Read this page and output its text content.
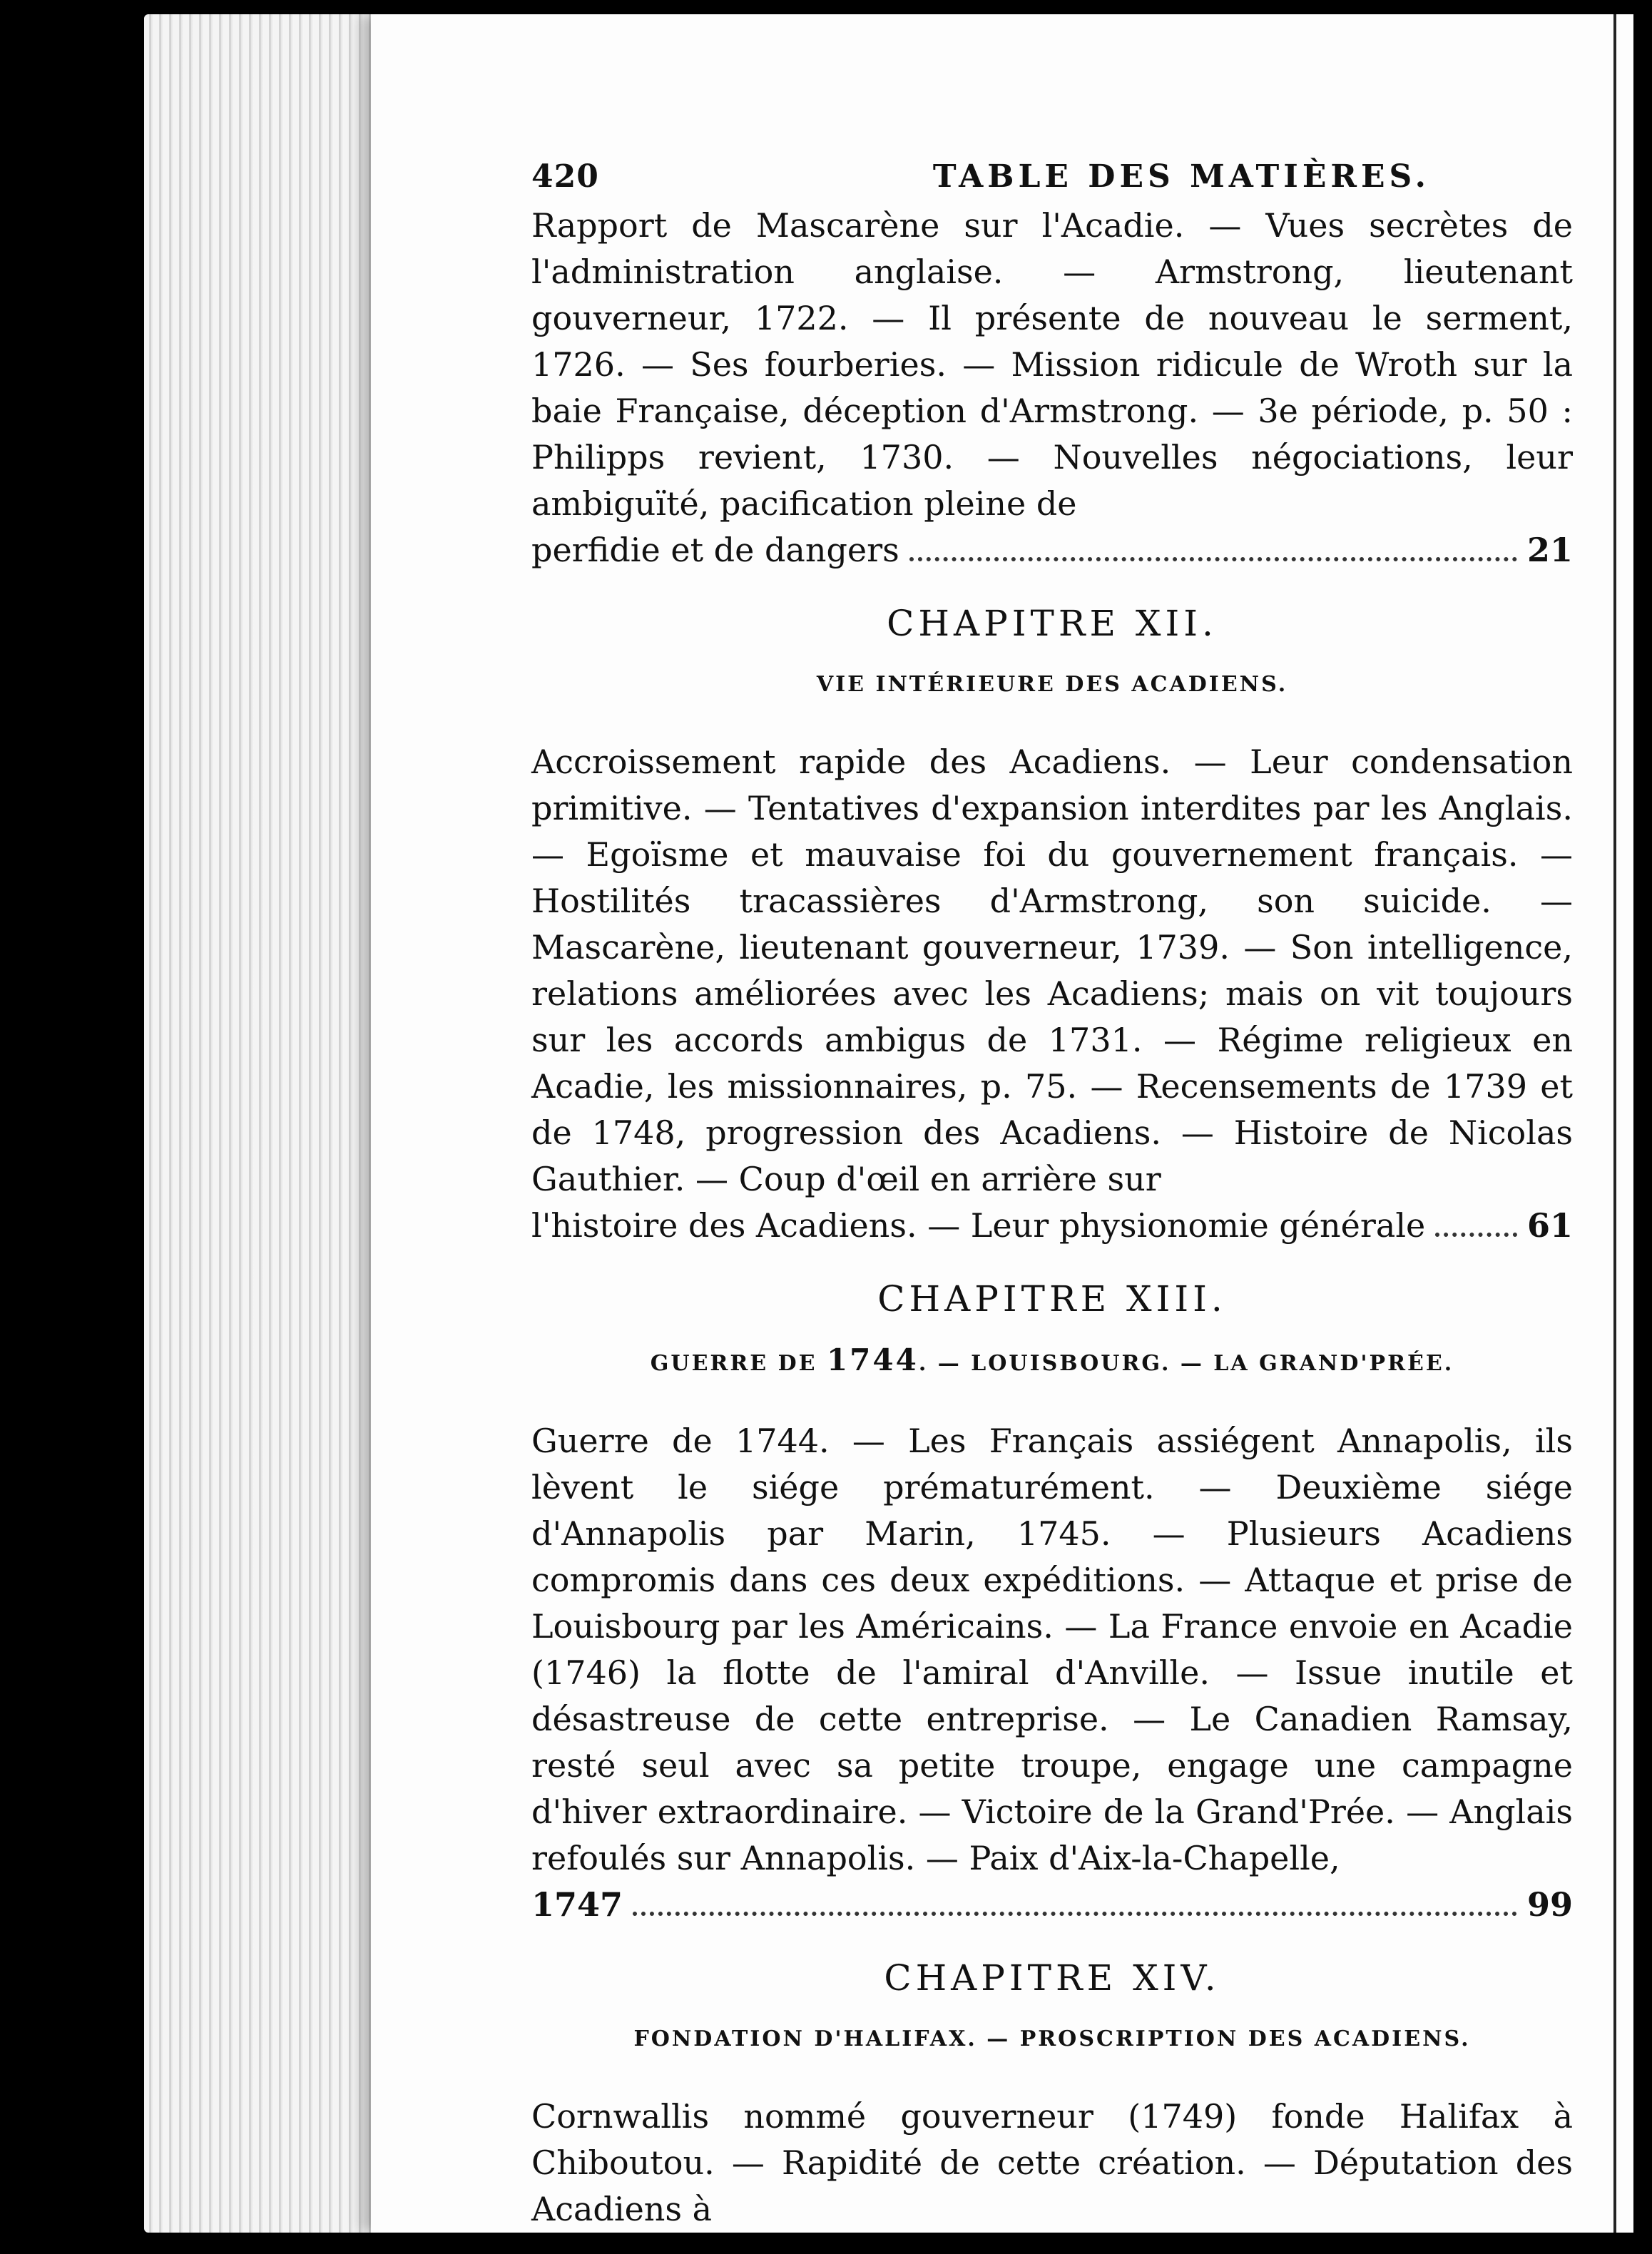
420	TABLE DES MATIÈRES.

Rapport de Mascarène sur l'Acadie. — Vues secrètes de l'administration anglaise. — Armstrong, lieutenant gouverneur, 1722. — Il présente de nouveau le serment, 1726. — Ses fourberies. — Mission ridicule de Wroth sur la baie Française, déception d'Armstrong. — 3e période, p. 50 : Philipps revient, 1730. — Nouvelles négociations, leur ambiguïté, pacification pleine de

perfidie et de dangers	21
CHAPITRE XII.
VIE INTÉRIEURE DES ACADIENS.

Accroissement rapide des Acadiens. — Leur condensation primitive. — Tentatives d'expansion interdites par les Anglais. — Egoïsme et mauvaise foi du gouvernement français. — Hostilités tracassières d'Armstrong, son suicide. — Mascarène, lieutenant gouverneur, 1739. — Son intelligence, relations améliorées avec les Acadiens; mais on vit toujours sur les accords ambigus de 1731. — Régime religieux en Acadie, les missionnaires, p. 75. — Recensements de 1739 et de 1748, progression des Acadiens. — Histoire de Nicolas Gauthier. — Coup d'œil en arrière sur

l'histoire des Acadiens. — Leur physionomie générale	61
CHAPITRE XIII.
GUERRE DE 1744. — LOUISBOURG. — LA GRAND'PRÉE.

Guerre de 1744. — Les Français assiégent Annapolis, ils lèvent le siége prématurément. — Deuxième siége d'Annapolis par Marin, 1745. — Plusieurs Acadiens compromis dans ces deux expéditions. — Attaque et prise de Louisbourg par les Américains. — La France envoie en Acadie (1746) la flotte de l'amiral d'Anville. — Issue inutile et désastreuse de cette entreprise. — Le Canadien Ramsay, resté seul avec sa petite troupe, engage une campagne d'hiver extraordinaire. — Victoire de la Grand'Prée. — Anglais refoulés sur Annapolis. — Paix d'Aix-la-Chapelle,

1747	99
CHAPITRE XIV.
FONDATION D'HALIFAX. — PROSCRIPTION DES ACADIENS.

Cornwallis nommé gouverneur (1749) fonde Halifax à Chiboutou. — Rapidité de cette création. — Députation des Acadiens à
